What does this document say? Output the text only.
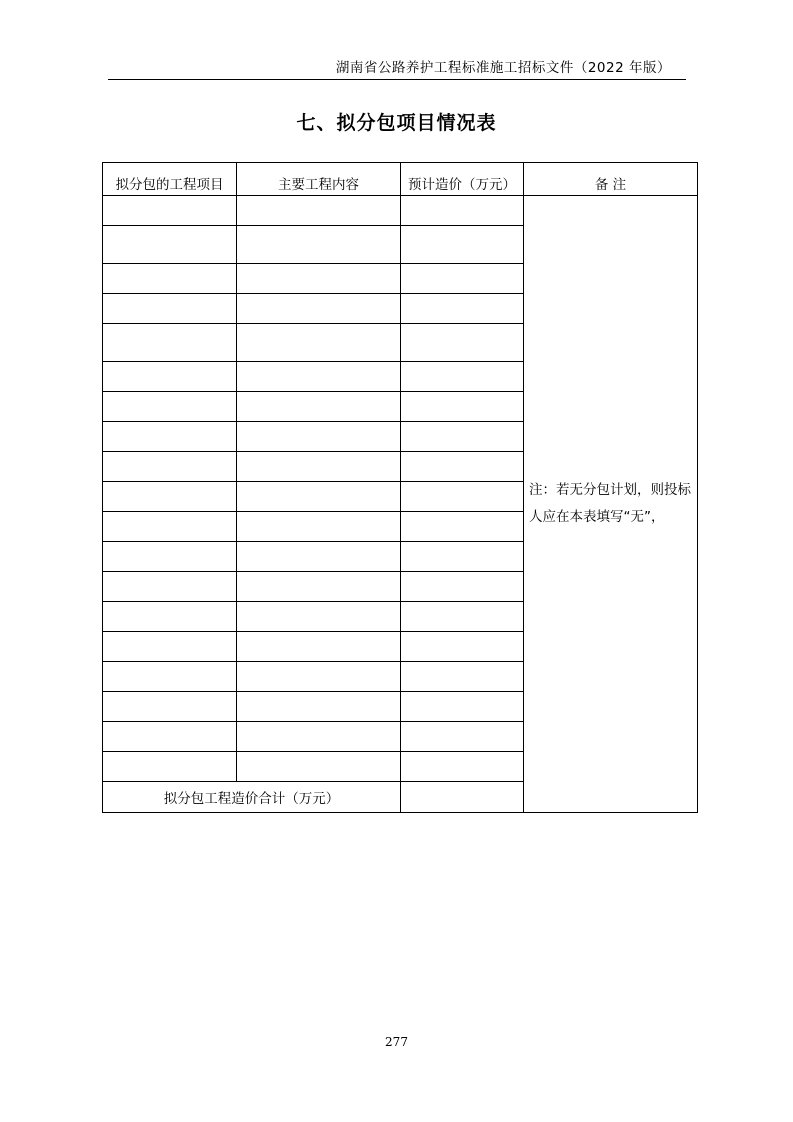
湖南省公路养护工程标准施工招标文件（2022 年版）
七、拟分包项目情况表
拟分包的工程项目	主要工程内容	预计造价（万元）	备 注
			注：若无分包计划，则投标人应在本表填写“无”，

拟分包工程造价合计（万元）			
277
